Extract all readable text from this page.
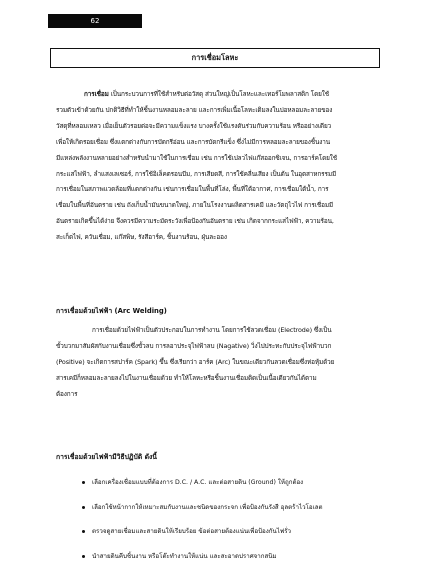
62
การเชื่อมโลหะ

การเชื่อม เป็นกระบวนการที่ใช้สำหรับต่อวัสดุ ส่วนใหญ่เป็นโลหะและเทอร์โมพลาสติก โดยใช้
รวมตัวเข้าด้วยกัน ปกติวิธีที่ทำให้ชิ้นงานหลอมละลาย และการเพิ่มเนื้อโลหะเติมลงในบ่อหลอมละลายของ
วัสดุที่หลอมเหลว เมื่อเย็นตัวรอยต่อจะมีความแข็งแรง บางครั้งใช้แรงดันร่วมกับความร้อน หรืออย่างเดียว
เพื่อให้เกิดรอยเชื่อม ซึ่งแตกต่างกับการบัดกรีอ่อน และการบัดกรีแข็ง ซึ่งไม่มีการหลอมละลายของชิ้นงาน
มีแหล่งพลังงานหลายอย่างสำหรับนำมาใช้ในการเชื่อม เช่น การใช้เปลวไฟแก๊สออกซิเจน, การอาร์คโดยใช้
กระแสไฟฟ้า, ลำแสงเลเซอร์, การใช้อิเล็คตรอนบีม, การเสียดสี, การใช้คลื่นเสียง เป็นต้น ในอุตสาหกรรมมี
การเชื่อมในสภาพแวดล้อมที่แตกต่างกัน เช่นการเชื่อมในพื้นที่โล่ง, พื้นที่ใต้อากาศ, การเชื่อมใต้น้ำ, การ
เชื่อมในพื้นที่อันตราย เช่น ถังเก็บน้ำมันขนาดใหญ่, ภายในโรงงานผลิตสารเคมี และวัตถุไวไฟ การเชื่อมมี
อันตรายเกิดขึ้นได้ง่าย จึงควรมีความระมัดระวังเพื่อป้องกันอันตราย เช่น เกิดจากกระแสไฟฟ้า, ความร้อน,
สะเก็ดไฟ, ควันเชื่อม, แก๊สพิษ, รังสีอาร์ค, ชิ้นงานร้อน, ฝุ่นละออง

การเชื่อมด้วยไฟฟ้า (Arc Welding)

การเชื่อมด้วยไฟฟ้าเป็นตัวประกอบในการทำงาน โดยการใช้ลวดเชื่อม (Electrode) ซึ่งเป็น
ขั้วบวกมาสัมผัสกับงานเชื่อมซึ่งขั้วลบ การลอาประจุไฟฟ้าลบ (Nagative) วิ่งไปประทะกับประจุไฟฟ้าบวก
(Positive) จะเกิดการสปาร์ค (Spark) ขึ้น ซึ่งเรียกว่า อาร์ค (Arc) ในขณะเดียวกันลวดเชื่อมซึ่งห่อหุ้มด้วย
สารเคมีก็หลอมละลายลงไปในงานเชื่อมด้วย ทำให้โลหะหรือชิ้นงานเชื่อมติดเป็นเนื้อเดียวกันได้ตาม
ต้องการ

การเชื่อมด้วยไฟฟ้ามีวิธีปฏิบัติ ดังนี้
เลือกเครื่องเชื่อมแบบที่ต้องการ D.C. / A.C. และต่อสายดิน (Ground) ให้ถูกต้อง
เลือกใช้หน้ากากให้เหมาะสมกับงานและชนิดของกระจก เพื่อป้องกันรังสี อุลตร้าไวโอเลต
ตรวจดูสายเชื่อมและสายดินให้เรียบร้อย ข้อต่อสายต้องแน่นเพื่อป้องกันไฟรั่ว
นำสายดินคีบชิ้นงาน หรือโต๊ะทำงานให้แน่น และสะอาดปราศจากสนิม
